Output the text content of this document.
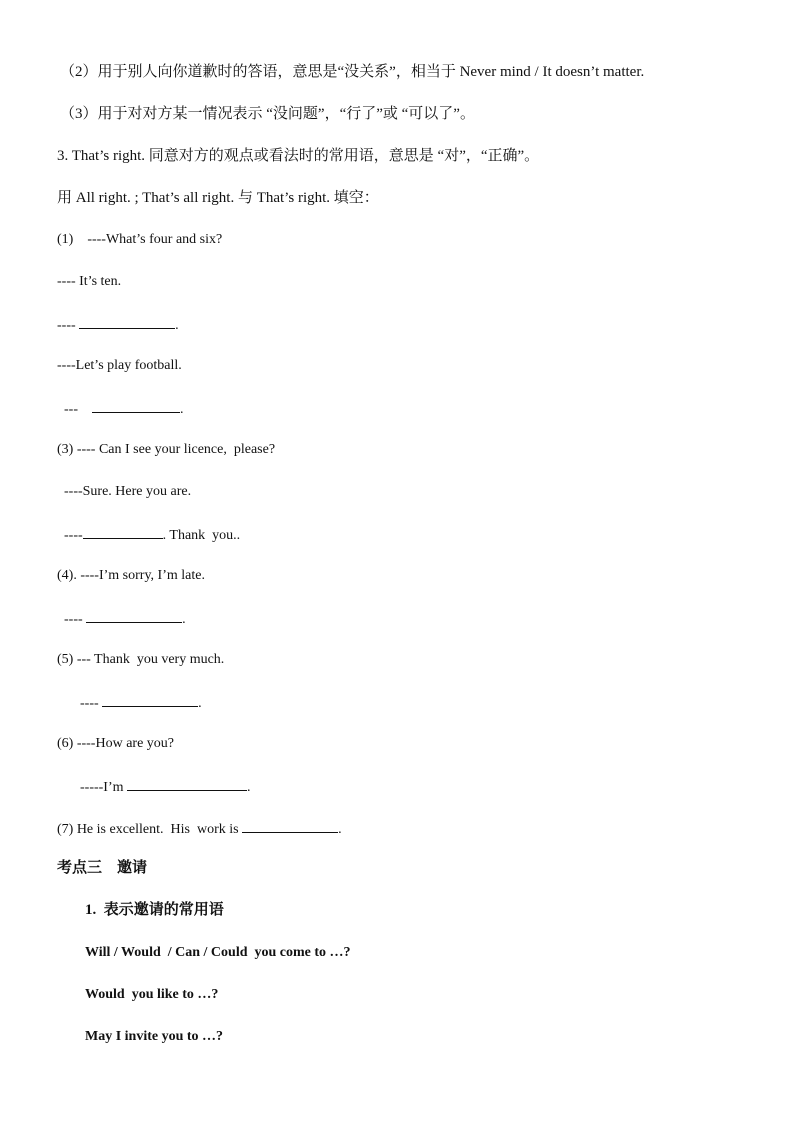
（2）用于别人向你道歉时的答语，意思是“没关系”，相当于 Never mind / It doesn’t matter.
（3）用于对对方某一情况表示 “没问题”，“行了”或 “可以了”。
3. That’s right. 同意对方的观点或看法时的常用语，意思是 “对”，“正确”。
用 All right. ; That’s all right. 与 That’s right. 填空：
(1)    ----What’s four and six?
---- It’s ten.
----	.
----Let’s play football.
---	.
(3) ---- Can I see your licence,  please?
----Sure. Here you are.
----	. Thank  you..
(4). ----I’m sorry, I’m late.
----	.
(5) --- Thank  you very much.
----	.
(6) ----How are you?
-----I’m	.
(7) He is excellent.  His  work is	.
考点三    邀请
1.  表示邀请的常用语
Will / Would  / Can / Could  you come to …?
Would  you like to …?
May I invite you to …?
